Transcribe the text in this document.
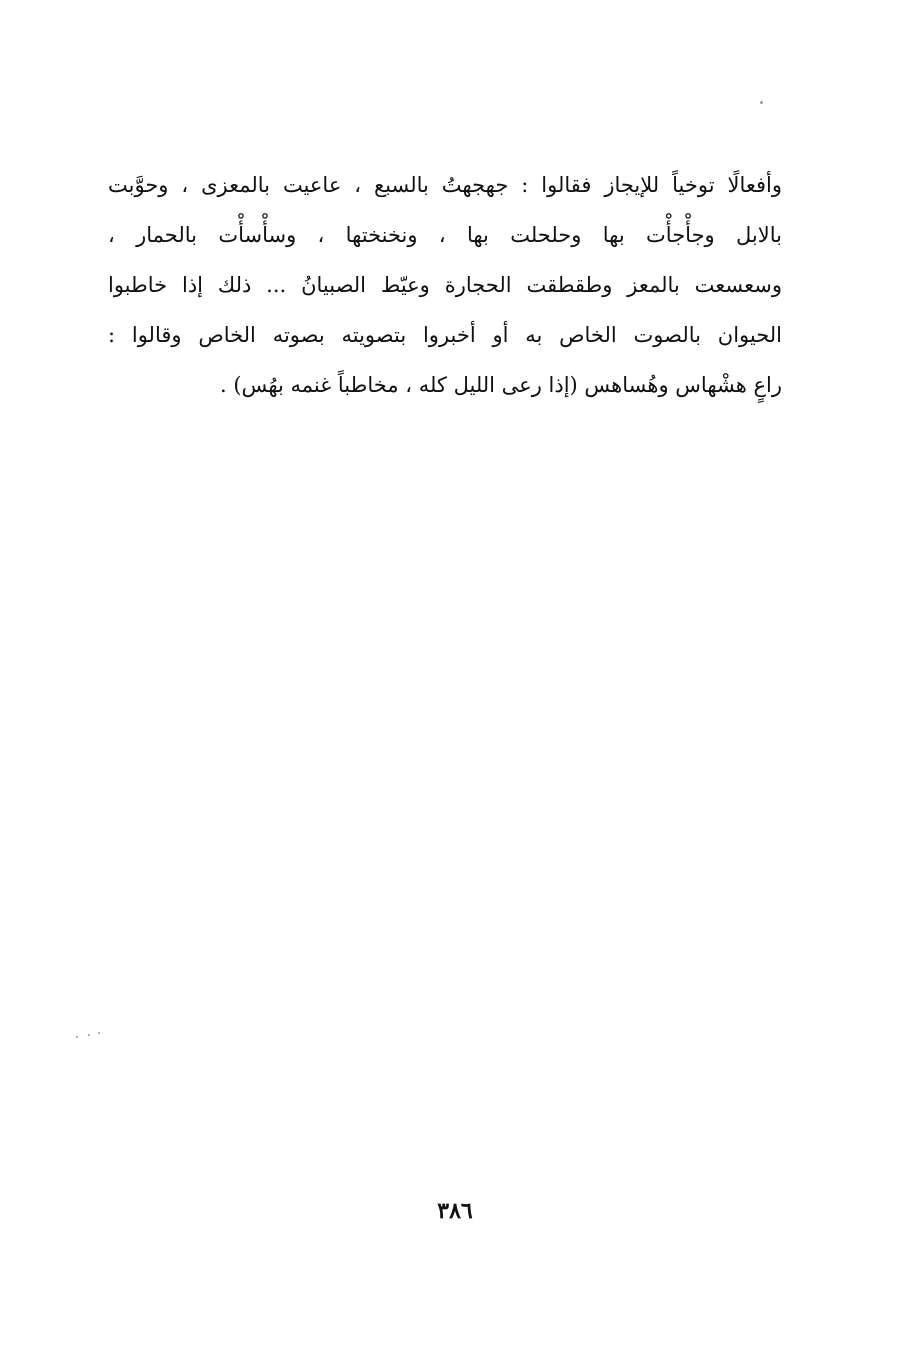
وأفعالًا توخياً للإيجاز فقالوا : جهجهتُ بالسبع ، عاعيت بالمعزى ، وحوَّبت
بالابل وجأْجأْت بها وحلحلت بها ، ونخنختها ، وسأْسأْت بالحمار ،
وسعسعت بالمعز وطقطقت الحجارة وعيّط الصبيانُ ... ذلك إذا خاطبوا
الحيوان بالصوت الخاص به أو أخبروا بتصويته بصوته الخاص وقالوا :
راعٍ هشْهاس وهُساهس (إذا رعى الليل كله ، مخاطباً غنمه بهُس) .
٣٨٦
